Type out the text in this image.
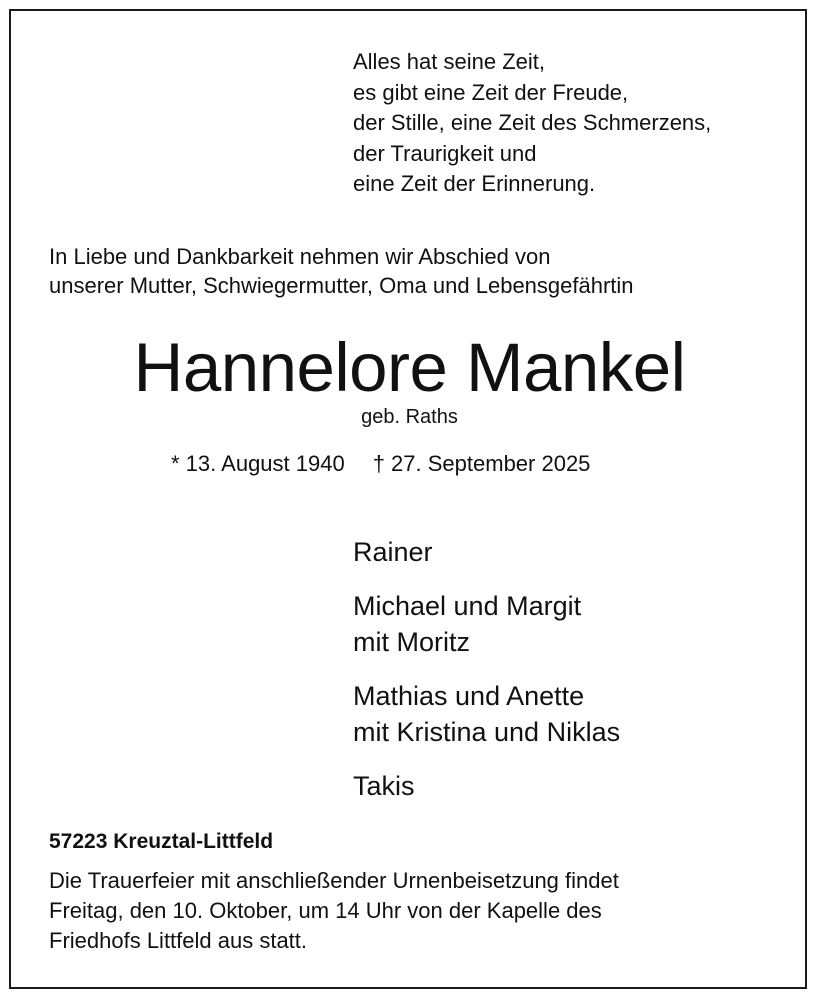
Alles hat seine Zeit,
es gibt eine Zeit der Freude,
der Stille, eine Zeit des Schmerzens,
der Traurigkeit und
eine Zeit der Erinnerung.
In Liebe und Dankbarkeit nehmen wir Abschied von
unserer Mutter, Schwiegermutter, Oma und Lebensgefährtin
Hannelore Mankel
geb. Raths
* 13. August 1940 † 27. September 2025
Rainer
Michael und Margit
mit Moritz
Mathias und Anette
mit Kristina und Niklas
Takis
57223 Kreuztal-Littfeld
Die Trauerfeier mit anschließender Urnenbeisetzung findet
Freitag, den 10. Oktober, um 14 Uhr von der Kapelle des
Friedhofs Littfeld aus statt.
